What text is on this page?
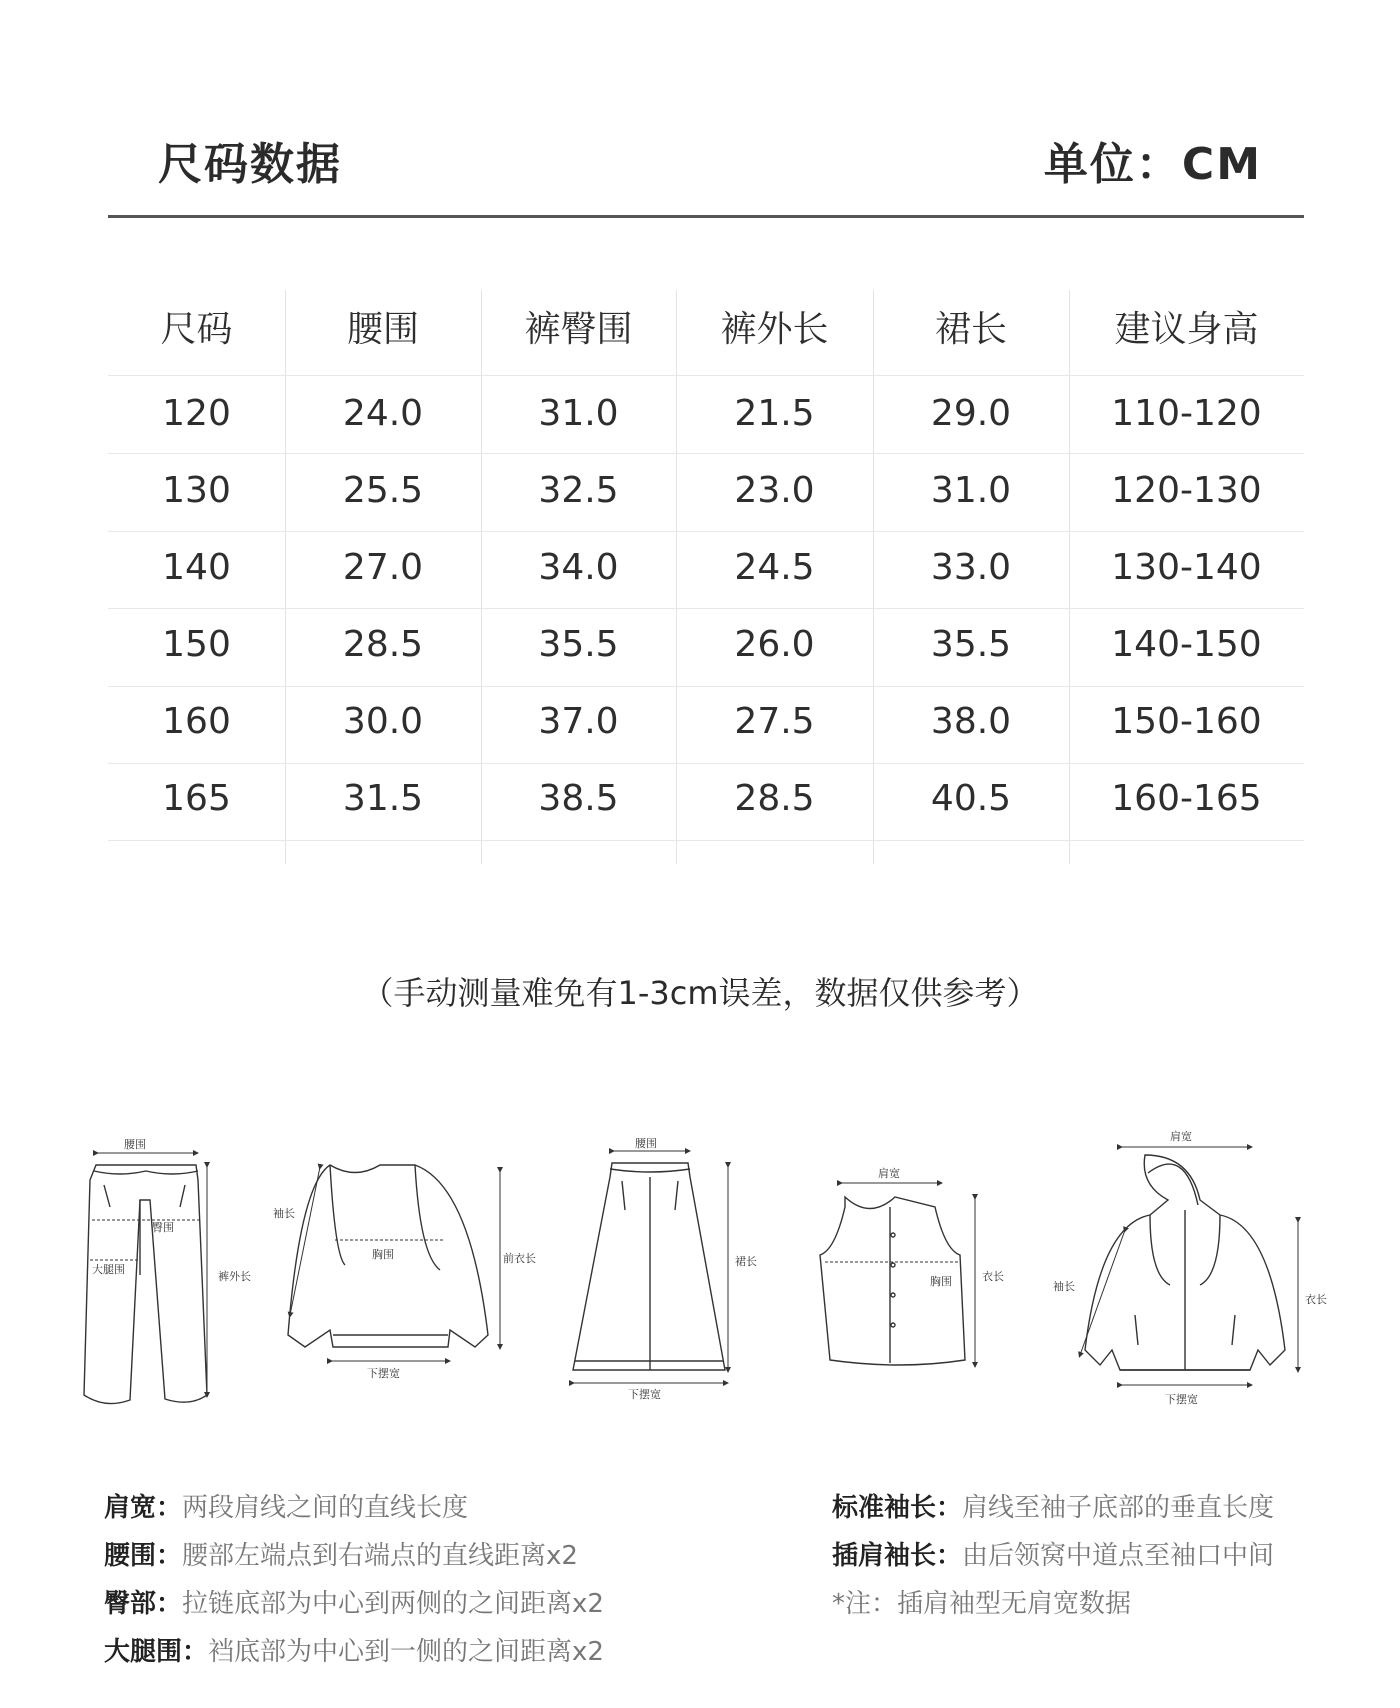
尺码数据	单位：CM
尺码	腰围	裤臀围	裤外长	裙长	建议身高
120	24.0	31.0	21.5	29.0	110-120
130	25.5	32.5	23.0	31.0	120-130
140	27.0	34.0	24.5	33.0	130-140
150	28.5	35.5	26.0	35.5	140-150
160	30.0	37.0	27.5	38.0	150-160
165	31.5	38.5	28.5	40.5	160-165
（手动测量难免有1-3cm误差，数据仅供参考）
腰围
臀围
大腿围
裤外长
袖长
胸围	前衣长
下摆宽
腰围
裙长
下摆宽
肩宽
胸围	衣长
肩宽
袖长
衣长
下摆宽
肩宽：两段肩线之间的直线长度
腰围：腰部左端点到右端点的直线距离x2
臀部：拉链底部为中心到两侧的之间距离x2
大腿围：裆底部为中心到一侧的之间距离x2
标准袖长：肩线至袖子底部的垂直长度
插肩袖长：由后领窝中道点至袖口中间
*注：插肩袖型无肩宽数据
